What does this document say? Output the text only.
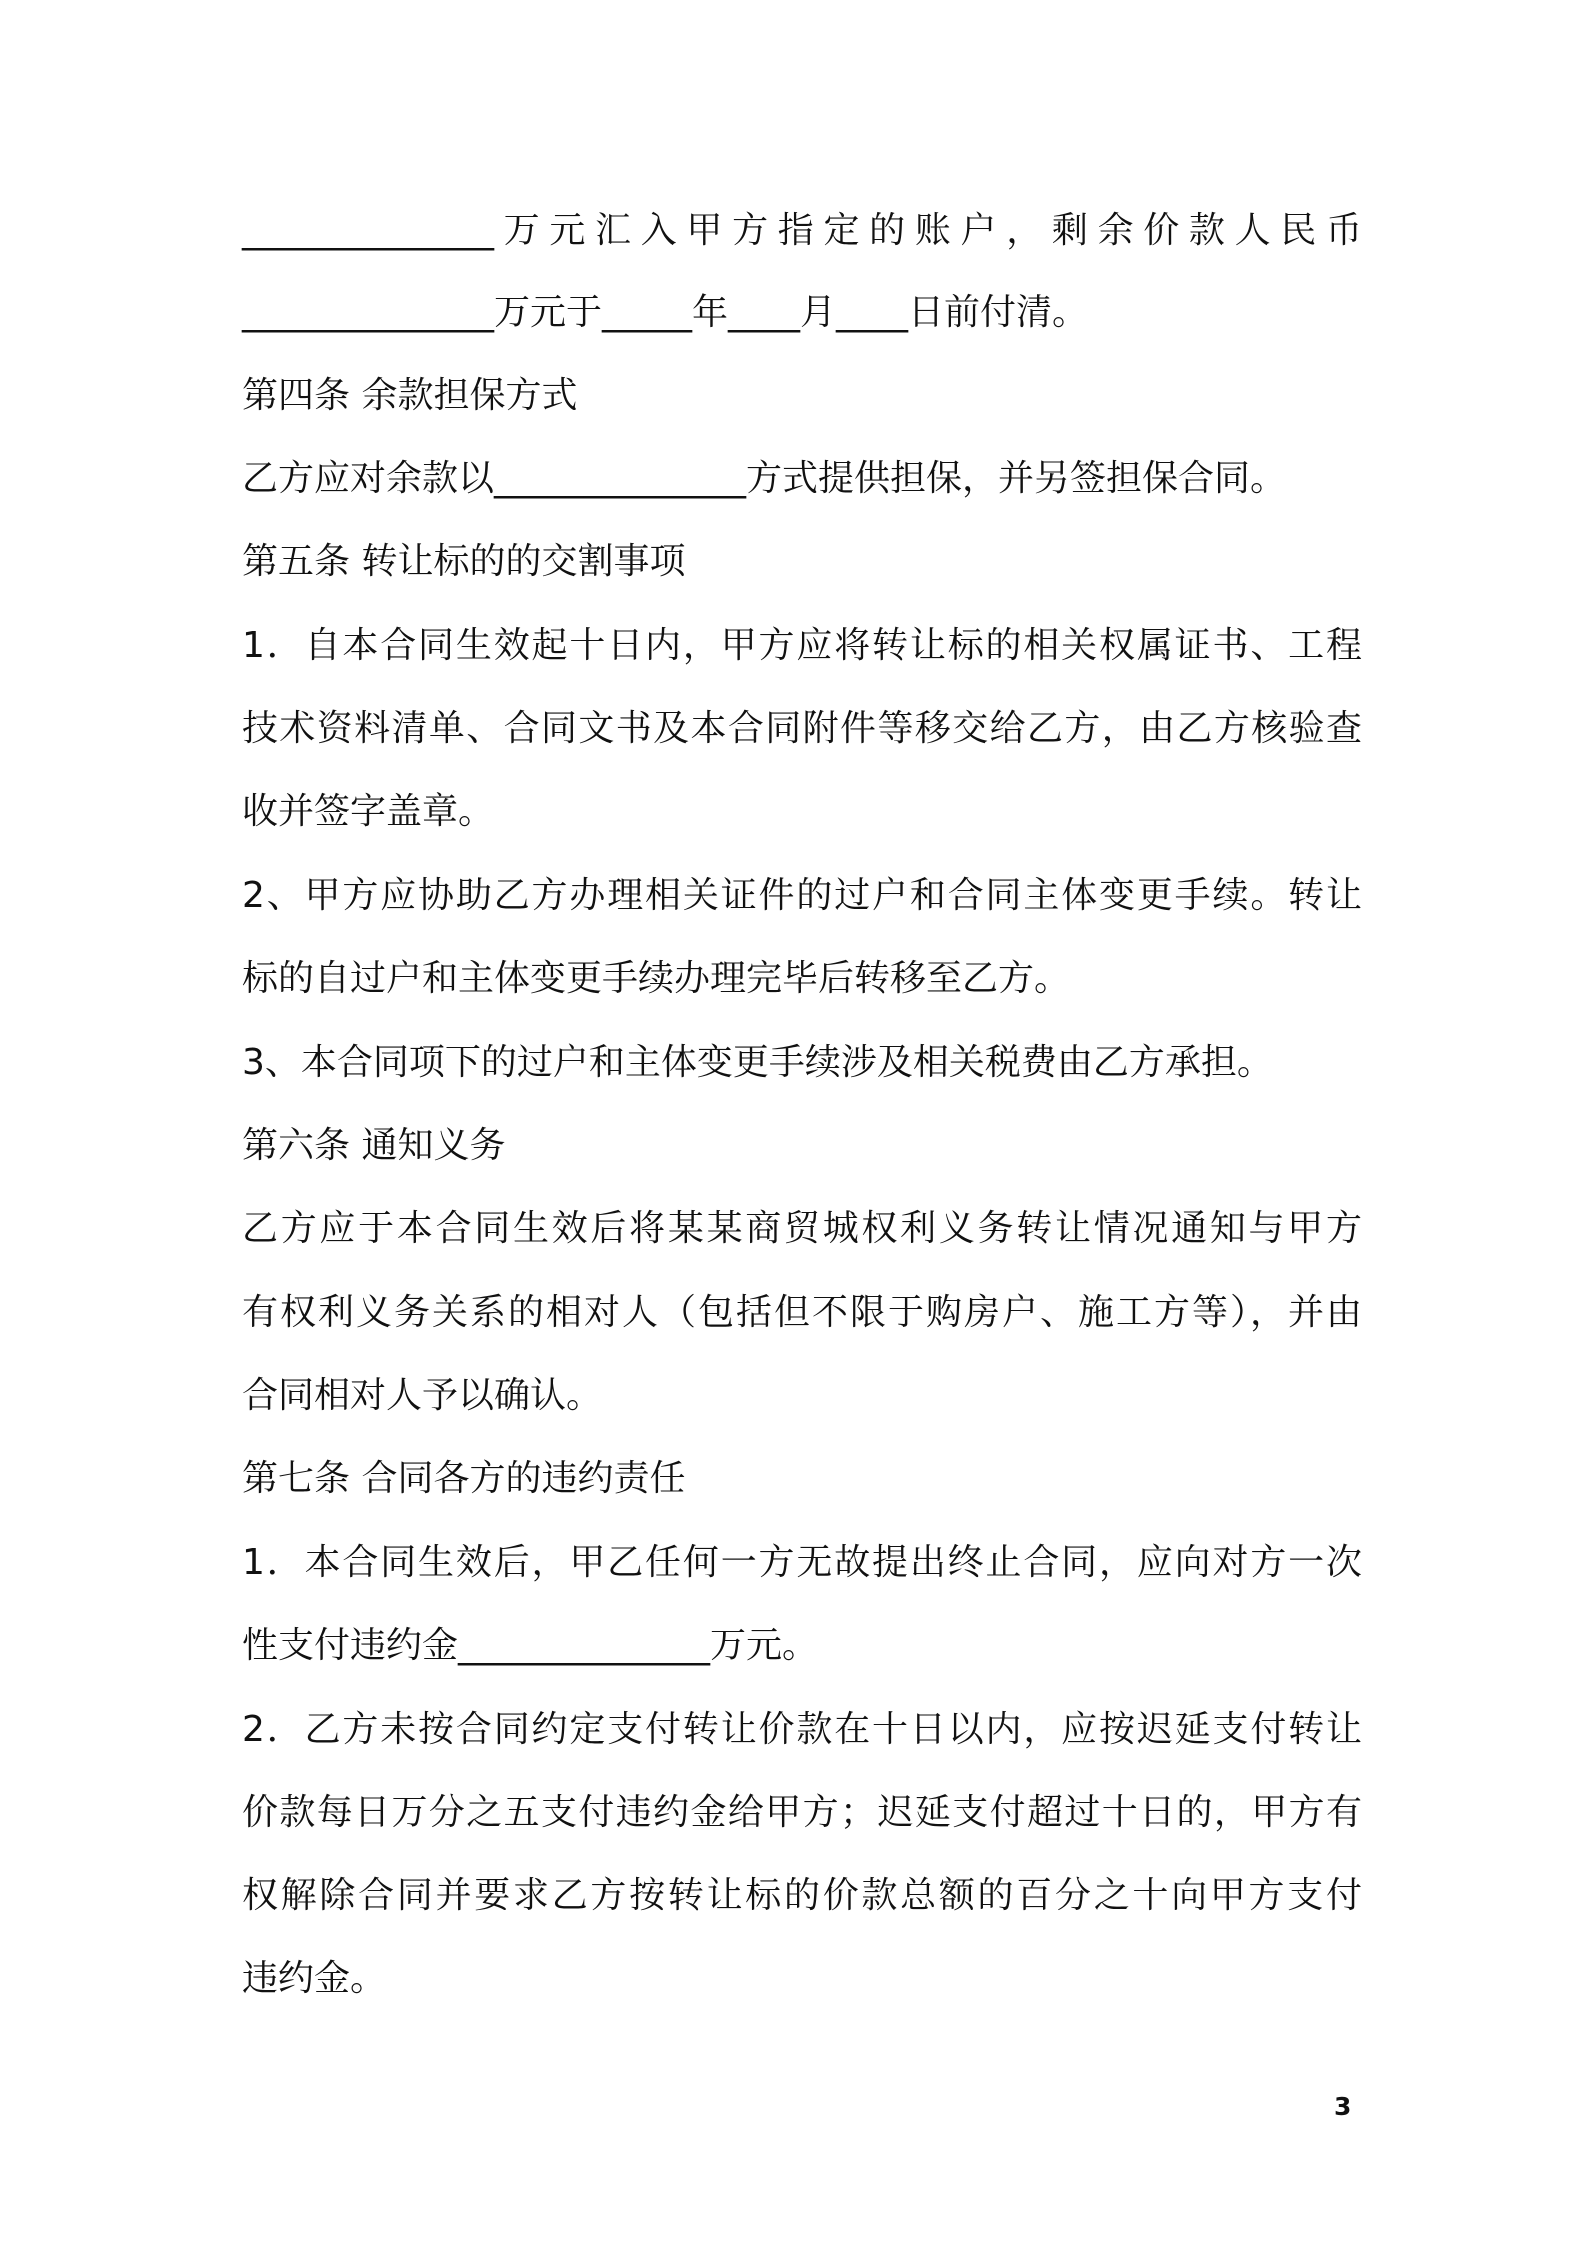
______________万元汇入甲方指定的账户，剩余价款人民币
______________万元于_____年____月____日前付清。
第四条 余款担保方式
乙方应对余款以______________方式提供担保，并另签担保合同。
第五条 转让标的的交割事项
1．自本合同生效起十日内，甲方应将转让标的相关权属证书、工程
技术资料清单、合同文书及本合同附件等移交给乙方，由乙方核验查
收并签字盖章。
2、甲方应协助乙方办理相关证件的过户和合同主体变更手续。转让
标的自过户和主体变更手续办理完毕后转移至乙方。
3、本合同项下的过户和主体变更手续涉及相关税费由乙方承担。
第六条 通知义务
乙方应于本合同生效后将某某商贸城权利义务转让情况通知与甲方
有权利义务关系的相对人（包括但不限于购房户、施工方等），并由
合同相对人予以确认。
第七条 合同各方的违约责任
1．本合同生效后，甲乙任何一方无故提出终止合同，应向对方一次
性支付违约金______________万元。
2．乙方未按合同约定支付转让价款在十日以内，应按迟延支付转让
价款每日万分之五支付违约金给甲方；迟延支付超过十日的，甲方有
权解除合同并要求乙方按转让标的价款总额的百分之十向甲方支付
违约金。
3
